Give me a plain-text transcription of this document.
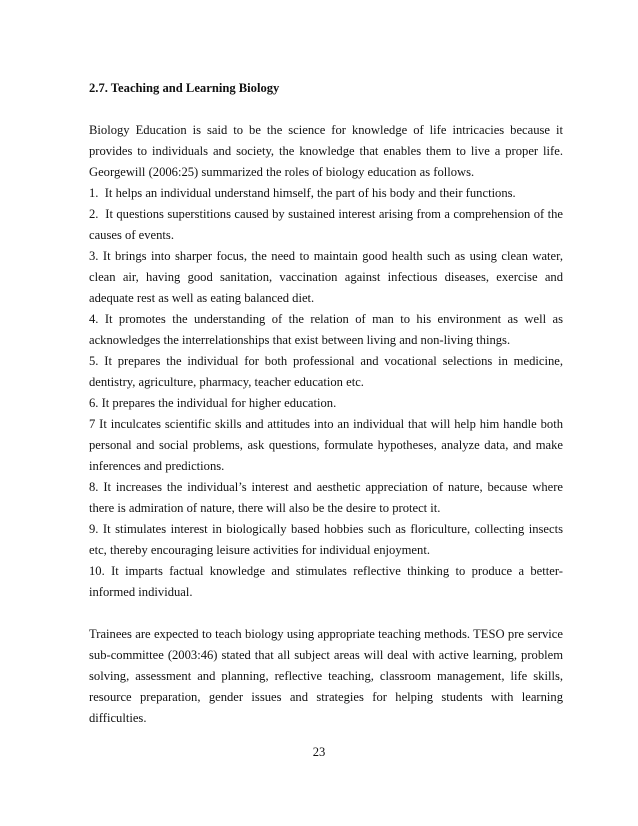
2.7. Teaching and Learning Biology

Biology Education is said to be the science for knowledge of life intricacies because it provides to individuals and society, the knowledge that enables them to live a proper life. Georgewill (2006:25) summarized the roles of biology education as follows.

1.  It helps an individual understand himself, the part of his body and their functions.

2.  It questions superstitions caused by sustained interest arising from a comprehension of the causes of events.

3. It brings into sharper focus, the need to maintain good health such as using clean water, clean air, having good sanitation, vaccination against infectious diseases, exercise and adequate rest as well as eating balanced diet.

4. It promotes the understanding of the relation of man to his environment as well as acknowledges the interrelationships that exist between living and non-living things.

5. It prepares the individual for both professional and vocational selections in medicine, dentistry, agriculture, pharmacy, teacher education etc.

6. It prepares the individual for higher education.

7 It inculcates scientific skills and attitudes into an individual that will help him handle both personal and social problems, ask questions, formulate hypotheses, analyze data, and make inferences and predictions.

8. It increases the individual’s interest and aesthetic appreciation of nature, because where there is admiration of nature, there will also be the desire to protect it.

9. It stimulates interest in biologically based hobbies such as floriculture, collecting insects etc, thereby encouraging leisure activities for individual enjoyment.

10. It imparts factual knowledge and stimulates reflective thinking to produce a better-informed individual.

Trainees are expected to teach biology using appropriate teaching methods. TESO pre service sub-committee (2003:46) stated that all subject areas will deal with active learning, problem solving, assessment and planning, reflective teaching, classroom management, life skills, resource preparation, gender issues and strategies for helping students with learning difficulties.

23
